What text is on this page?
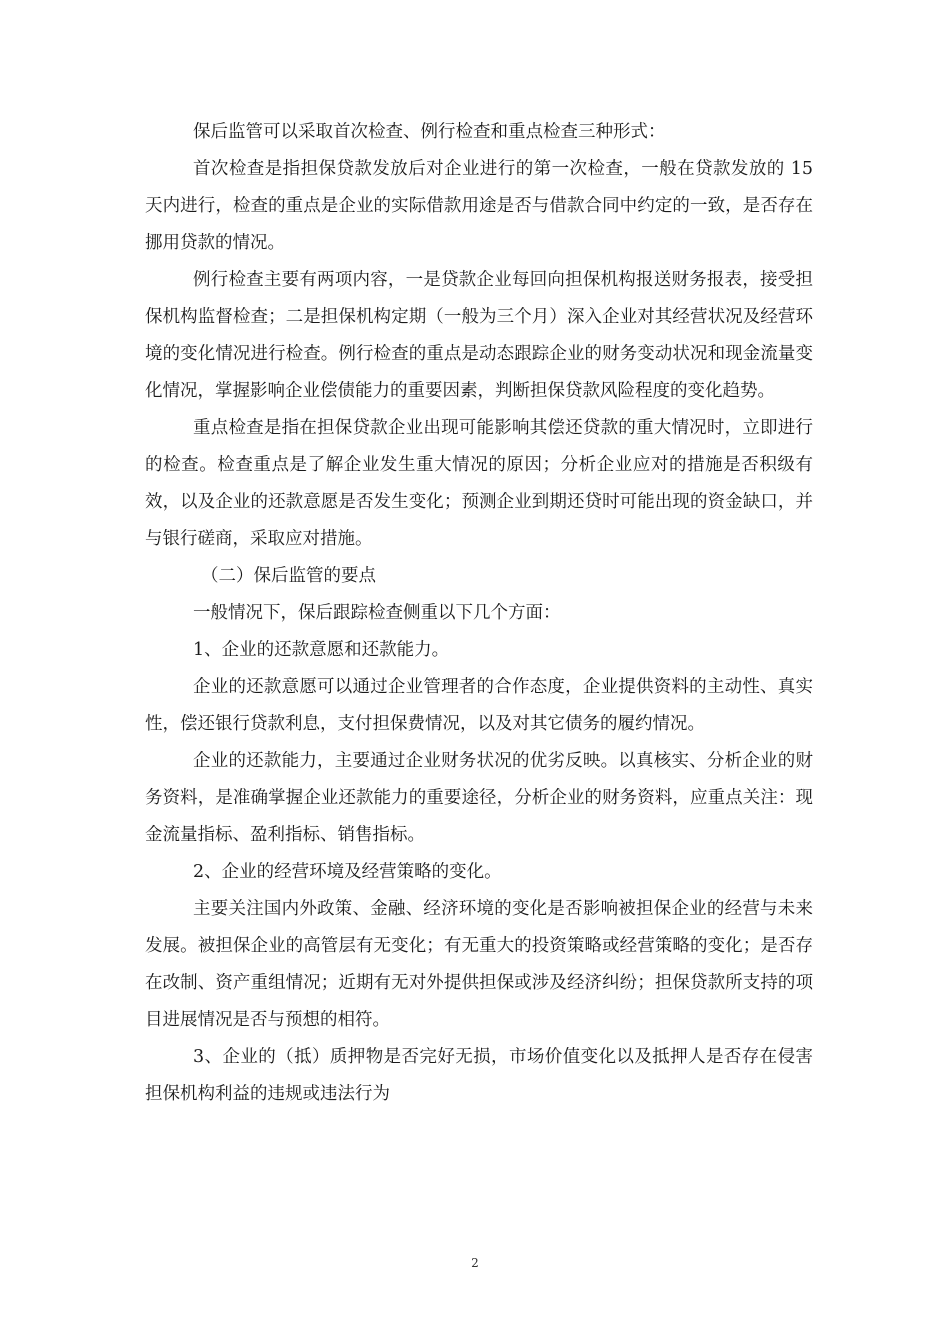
保后监管可以采取首次检查、例行检查和重点检查三种形式：

首次检查是指担保贷款发放后对企业进行的第一次检查，一般在贷款发放的 15 天内进行，检查的重点是企业的实际借款用途是否与借款合同中约定的一致，是否存在挪用贷款的情况。

例行检查主要有两项内容，一是贷款企业每回向担保机构报送财务报表，接受担保机构监督检查；二是担保机构定期（一般为三个月）深入企业对其经营状况及经营环境的变化情况进行检查。例行检查的重点是动态跟踪企业的财务变动状况和现金流量变化情况，掌握影响企业偿债能力的重要因素，判断担保贷款风险程度的变化趋势。

重点检查是指在担保贷款企业出现可能影响其偿还贷款的重大情况时，立即进行的检查。检查重点是了解企业发生重大情况的原因；分析企业应对的措施是否积级有效，以及企业的还款意愿是否发生变化；预测企业到期还贷时可能出现的资金缺口，并与银行磋商，采取应对措施。

（二）保后监管的要点

一般情况下，保后跟踪检查侧重以下几个方面：

1、企业的还款意愿和还款能力。

企业的还款意愿可以通过企业管理者的合作态度，企业提供资料的主动性、真实性，偿还银行贷款利息，支付担保费情况，以及对其它债务的履约情况。

企业的还款能力，主要通过企业财务状况的优劣反映。以真核实、分析企业的财务资料，是准确掌握企业还款能力的重要途径，分析企业的财务资料，应重点关注：现金流量指标、盈利指标、销售指标。

2、企业的经营环境及经营策略的变化。

主要关注国内外政策、金融、经济环境的变化是否影响被担保企业的经营与未来发展。被担保企业的高管层有无变化；有无重大的投资策略或经营策略的变化；是否存在改制、资产重组情况；近期有无对外提供担保或涉及经济纠纷；担保贷款所支持的项目进展情况是否与预想的相符。

3、企业的（抵）质押物是否完好无损，市场价值变化以及抵押人是否存在侵害担保机构利益的违规或违法行为

2
